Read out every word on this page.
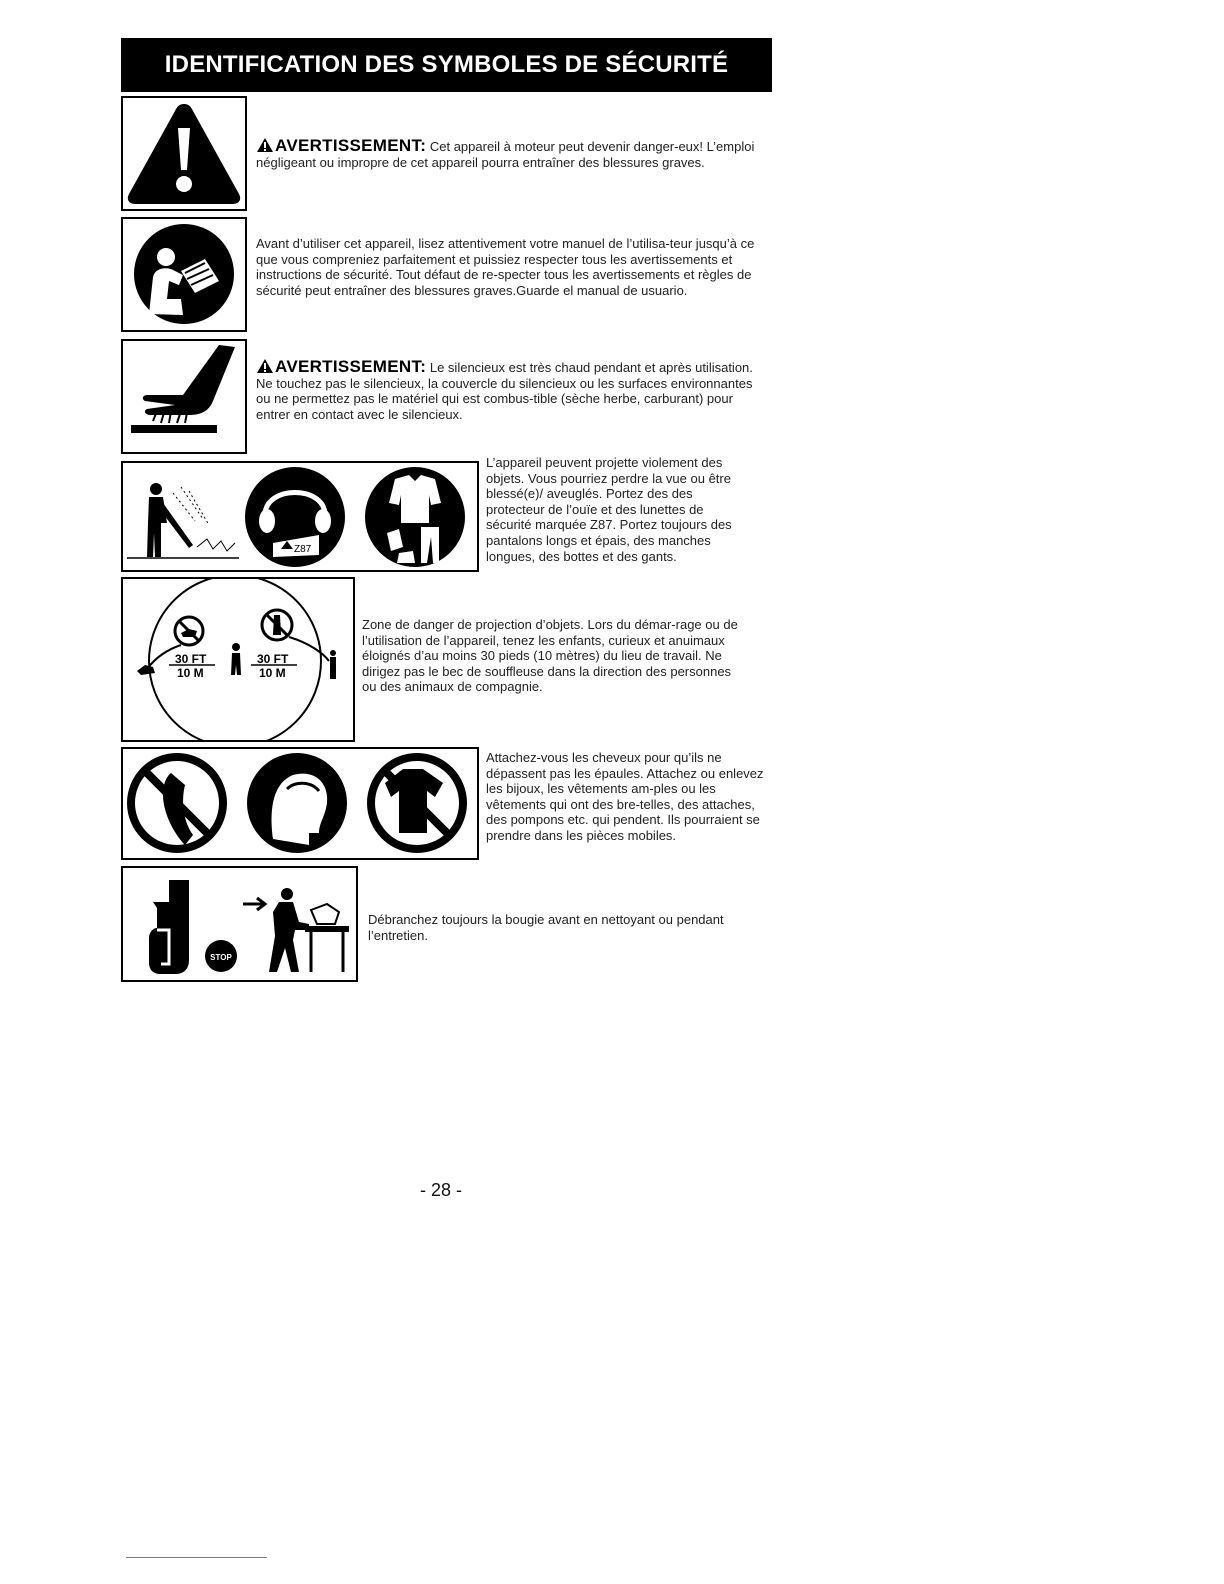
IDENTIFICATION DES SYMBOLES DE SÉCURITÉ
AVERTISSEMENT: Cet appareil à moteur peut devenir danger-eux! L’emploi négligeant ou impropre de cet appareil pourra entraîner des blessures graves.
Avant d’utiliser cet appareil, lisez attentivement votre manuel de l’utilisa-teur jusqu’à ce que vous compreniez parfaitement et puissiez respecter tous les avertissements et instructions de sécurité. Tout défaut de re-specter tous les avertissements et règles de sécurité peut entraîner des blessures graves.Guarde el manual de usuario.
AVERTISSEMENT: Le silencieux est très chaud pendant et après utilisation. Ne touchez pas le silencieux, la couvercle du silencieux ou les surfaces environnantes ou ne permettez pas le matériel qui est combus-tible (sèche herbe, carburant) pour entrer en contact avec le silencieux.
Z87
L’appareil peuvent projette violement des objets. Vous pourriez perdre la vue ou être blessé(e)/ aveuglés. Portez des des protecteur de l’ouïe et des lunettes de sécurité marquée Z87. Portez toujours des pantalons longs et épais, des manches longues, des bottes et des gants.
30 FT
10 M
30 FT
10 M
Zone de danger de projection d’objets. Lors du démar-rage ou de l’utilisation de l’appareil, tenez les enfants, curieux et anuimaux éloignés d’au moins 30 pieds (10 mètres) du lieu de travail. Ne dirigez pas le bec de souffleuse dans la direction des personnes ou des animaux de compagnie.
Attachez-vous les cheveux pour qu’ils ne dépassent pas les épaules. Attachez ou enlevez les bijoux, les vêtements am-ples ou les vêtements qui ont des bre-telles, des attaches, des pompons etc. qui pendent. Ils pourraient se prendre dans les pièces mobiles.
STOP
Débranchez toujours la bougie avant en nettoyant ou pendant l’entretien.
- 28 -
